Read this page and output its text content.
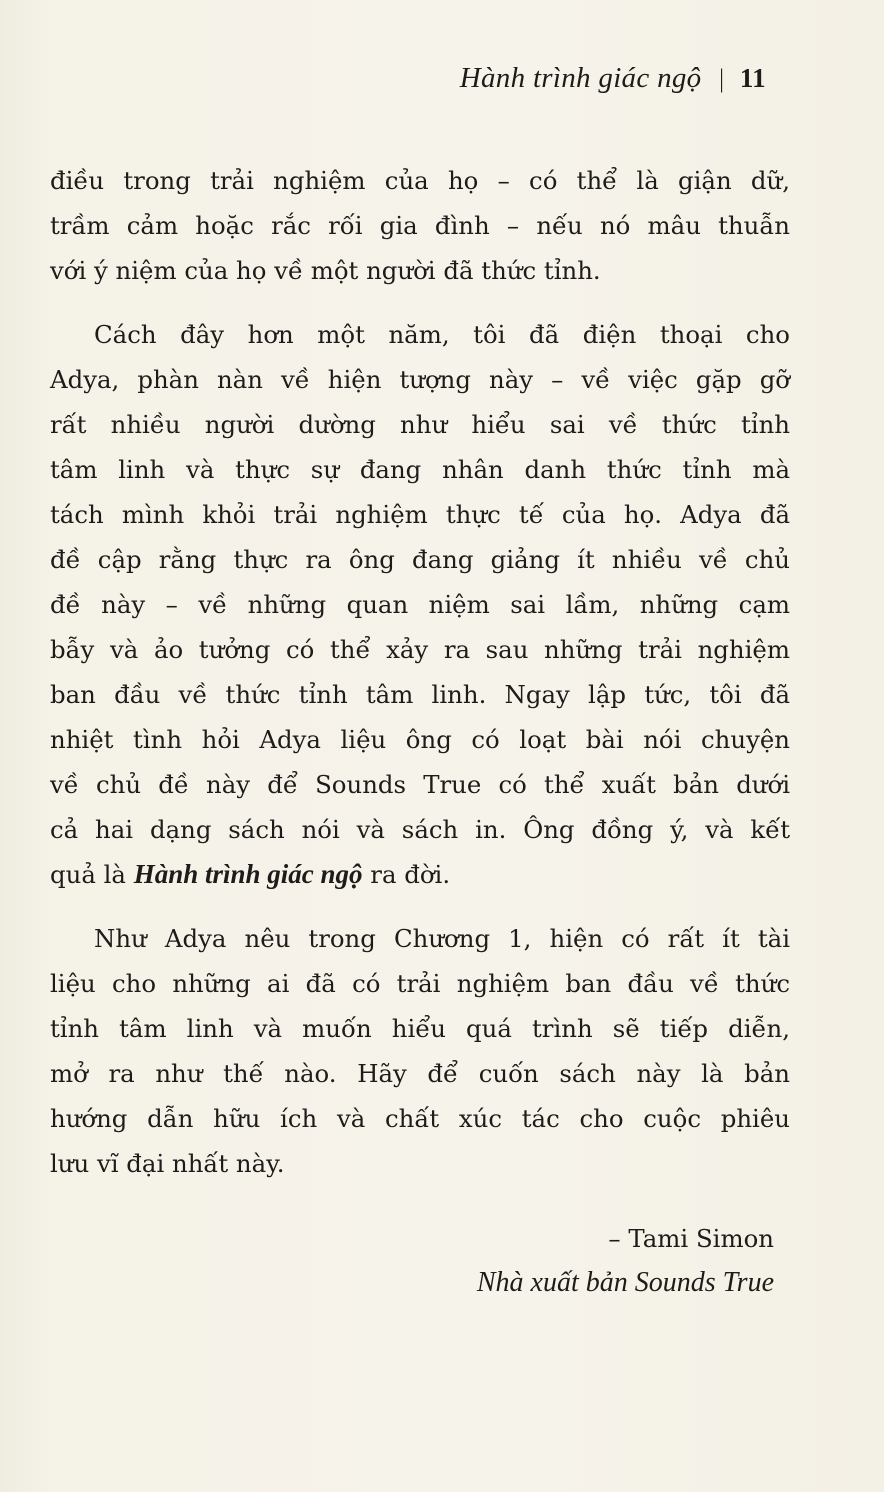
Hành trình giác ngộ | 11
điều trong trải nghiệm của họ – có thể là giận dữ,
trầm cảm hoặc rắc rối gia đình – nếu nó mâu thuẫn
với ý niệm của họ về một người đã thức tỉnh.
Cách đây hơn một năm, tôi đã điện thoại cho
Adya, phàn nàn về hiện tượng này – về việc gặp gỡ
rất nhiều người dường như hiểu sai về thức tỉnh
tâm linh và thực sự đang nhân danh thức tỉnh mà
tách mình khỏi trải nghiệm thực tế của họ. Adya đã
đề cập rằng thực ra ông đang giảng ít nhiều về chủ
đề này – về những quan niệm sai lầm, những cạm
bẫy và ảo tưởng có thể xảy ra sau những trải nghiệm
ban đầu về thức tỉnh tâm linh. Ngay lập tức, tôi đã
nhiệt tình hỏi Adya liệu ông có loạt bài nói chuyện
về chủ đề này để Sounds True có thể xuất bản dưới
cả hai dạng sách nói và sách in. Ông đồng ý, và kết
quả là Hành trình giác ngộ ra đời.
Như Adya nêu trong Chương 1, hiện có rất ít tài
liệu cho những ai đã có trải nghiệm ban đầu về thức
tỉnh tâm linh và muốn hiểu quá trình sẽ tiếp diễn,
mở ra như thế nào. Hãy để cuốn sách này là bản
hướng dẫn hữu ích và chất xúc tác cho cuộc phiêu
lưu vĩ đại nhất này.
– Tami Simon
Nhà xuất bản Sounds True
